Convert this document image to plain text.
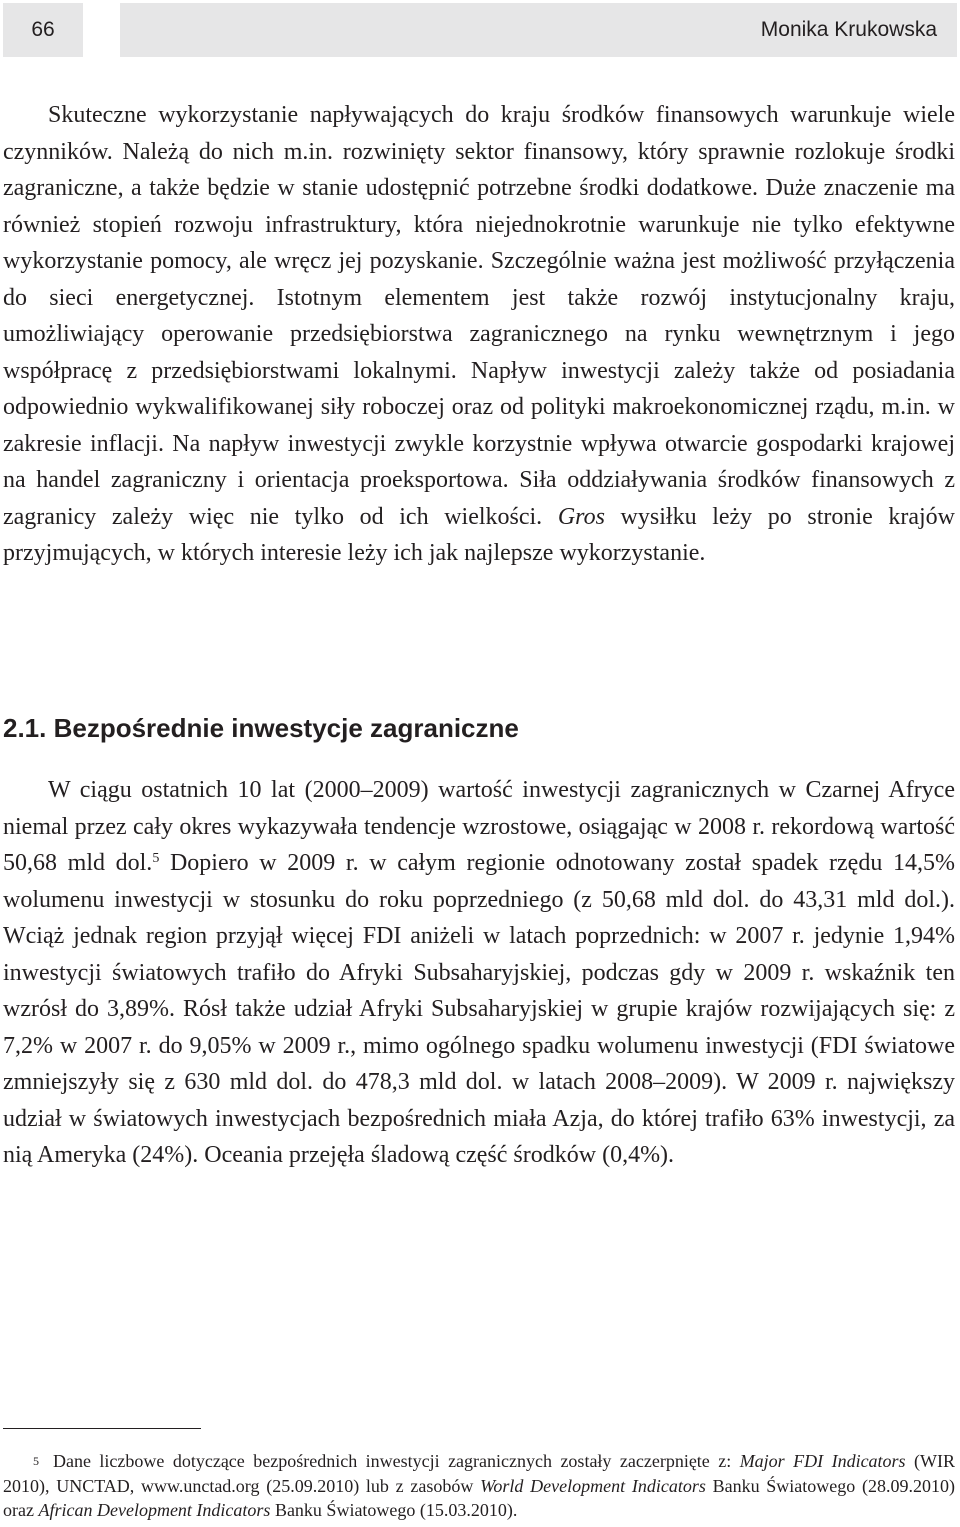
66	Monika Krukowska

Skuteczne wykorzystanie napływających do kraju środków finansowych warunkuje wiele czynników. Należą do nich m.in. rozwinięty sektor finansowy, który sprawnie rozlokuje środki zagraniczne, a także będzie w stanie udostępnić potrzebne środki dodatkowe. Duże znaczenie ma również stopień rozwoju infrastruktury, która niejednokrotnie warunkuje nie tylko efektywne wykorzystanie pomocy, ale wręcz jej pozyskanie. Szczególnie ważna jest możliwość przyłączenia do sieci energetycznej. Istotnym elementem jest także rozwój instytucjonalny kraju, umożliwiający operowanie przedsiębiorstwa zagranicznego na rynku wewnętrznym i jego współpracę z przedsiębiorstwami lokalnymi. Napływ inwestycji zależy także od posiadania odpowiednio wykwalifikowanej siły roboczej oraz od polityki makroekonomicznej rządu, m.in. w zakresie inflacji. Na napływ inwestycji zwykle korzystnie wpływa otwarcie gospodarki krajowej na handel zagraniczny i orientacja proeksportowa. Siła oddziaływania środków finansowych z zagranicy zależy więc nie tylko od ich wielkości. Gros wysiłku leży po stronie krajów przyjmujących, w których interesie leży ich jak najlepsze wykorzystanie.

2.1. Bezpośrednie inwestycje zagraniczne

W ciągu ostatnich 10 lat (2000–2009) wartość inwestycji zagranicznych w Czarnej Afryce niemal przez cały okres wykazywała tendencje wzrostowe, osiągając w 2008 r. rekordową wartość 50,68 mld dol.$^5$ Dopiero w 2009 r. w całym regionie odnotowany został spadek rzędu 14,5% wolumenu inwestycji w stosunku do roku poprzedniego (z 50,68 mld dol. do 43,31 mld dol.). Wciąż jednak region przyjął więcej FDI aniżeli w latach poprzednich: w 2007 r. jedynie 1,94% inwestycji światowych trafiło do Afryki Subsaharyjskiej, podczas gdy w 2009 r. wskaźnik ten wzrósł do 3,89%. Rósł także udział Afryki Subsaharyjskiej w grupie krajów rozwijających się: z 7,2% w 2007 r. do 9,05% w 2009 r., mimo ogólnego spadku wolumenu inwestycji (FDI światowe zmniejszyły się z 630 mld dol. do 478,3 mld dol. w latach 2008–2009). W 2009 r. największy udział w światowych inwestycjach bezpośrednich miała Azja, do której trafiło 63% inwestycji, za nią Ameryka (24%). Oceania przejęła śladową część środków (0,4%).

$^5$ Dane liczbowe dotyczące bezpośrednich inwestycji zagranicznych zostały zaczerpnięte z: Major FDI Indicators (WIR 2010), UNCTAD, www.unctad.org (25.09.2010) lub z zasobów World Development Indicators Banku Światowego (28.09.2010) oraz African Development Indicators Banku Światowego (15.03.2010).
